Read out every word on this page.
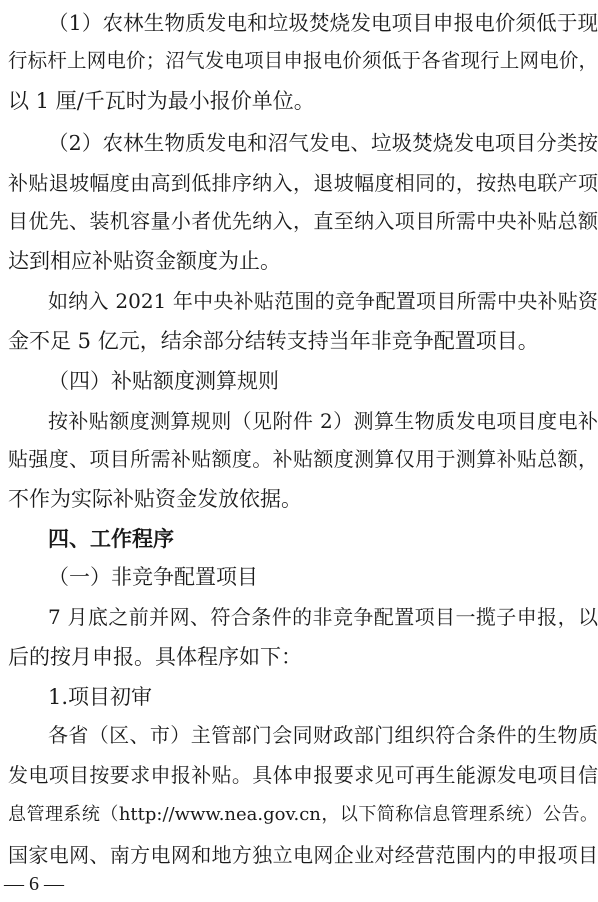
（1）农林生物质发电和垃圾焚烧发电项目申报电价须低于现
行标杆上网电价；沼气发电项目申报电价须低于各省现行上网电价，
以 1 厘/千瓦时为最小报价单位。
（2）农林生物质发电和沼气发电、垃圾焚烧发电项目分类按
补贴退坡幅度由高到低排序纳入，退坡幅度相同的，按热电联产项
目优先、装机容量小者优先纳入，直至纳入项目所需中央补贴总额
达到相应补贴资金额度为止。
如纳入 2021 年中央补贴范围的竞争配置项目所需中央补贴资
金不足 5 亿元，结余部分结转支持当年非竞争配置项目。
（四）补贴额度测算规则
按补贴额度测算规则（见附件 2）测算生物质发电项目度电补
贴强度、项目所需补贴额度。补贴额度测算仅用于测算补贴总额，
不作为实际补贴资金发放依据。
四、工作程序
（一）非竞争配置项目
7 月底之前并网、符合条件的非竞争配置项目一揽子申报，以
后的按月申报。具体程序如下：
1.项目初审
各省（区、市）主管部门会同财政部门组织符合条件的生物质
发电项目按要求申报补贴。具体申报要求见可再生能源发电项目信
息管理系统（http://www.nea.gov.cn，以下简称信息管理系统）公告。
国家电网、南方电网和地方独立电网企业对经营范围内的申报项目
— 6 —
